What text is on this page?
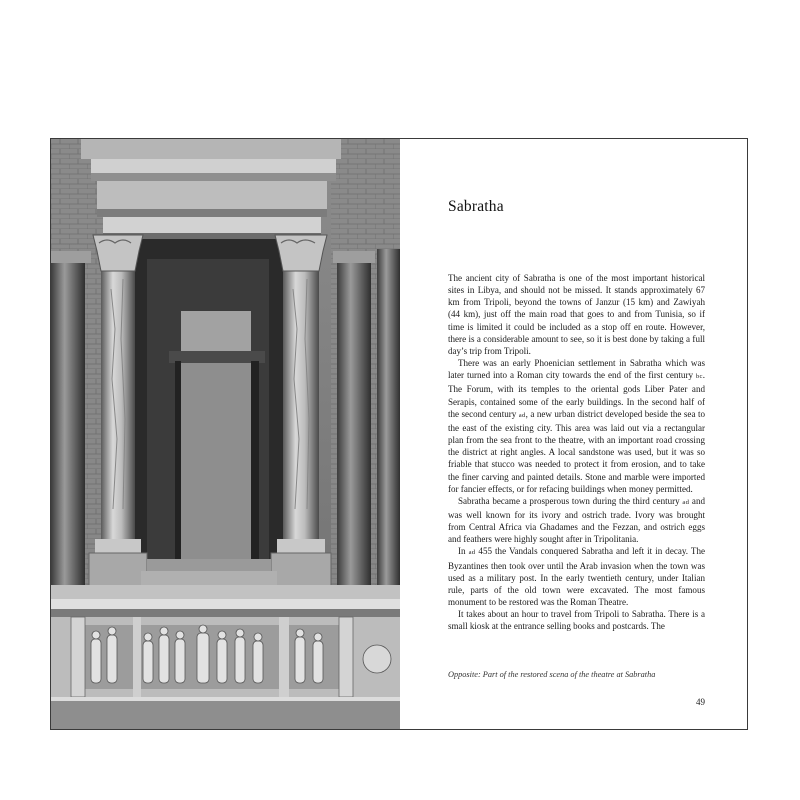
Sabratha

The ancient city of Sabratha is one of the most important historical sites in Libya, and should not be missed. It stands approximately 67 km from Tripoli, beyond the towns of Janzur (15 km) and Zawiyah (44 km), just off the main road that goes to and from Tunisia, so if time is limited it could be included as a stop off en route. However, there is a considerable amount to see, so it is best done by taking a full day’s trip from Tripoli.

There was an early Phoenician settlement in Sabratha which was later turned into a Roman city towards the end of the first century bc. The Forum, with its temples to the oriental gods Liber Pater and Serapis, contained some of the early buildings. In the second half of the second century ad, a new urban district developed beside the sea to the east of the existing city. This area was laid out via a rectangular plan from the sea front to the theatre, with an important road crossing the district at right angles. A local sandstone was used, but it was so friable that stucco was needed to protect it from erosion, and to take the finer carving and painted details. Stone and marble were imported for fancier effects, or for refacing buildings when money permitted.

Sabratha became a prosperous town during the third century ad and was well known for its ivory and ostrich trade. Ivory was brought from Central Africa via Ghadames and the Fezzan, and ostrich eggs and feathers were highly sought after in Tripolitania.

In ad 455 the Vandals conquered Sabratha and left it in decay. The Byzantines then took over until the Arab invasion when the town was used as a military post. In the early twentieth century, under Italian rule, parts of the old town were excavated. The most famous monument to be restored was the Roman Theatre.

It takes about an hour to travel from Tripoli to Sabratha. There is a small kiosk at the entrance selling books and postcards. The

Opposite: Part of the restored scena of the theatre at Sabratha
49
